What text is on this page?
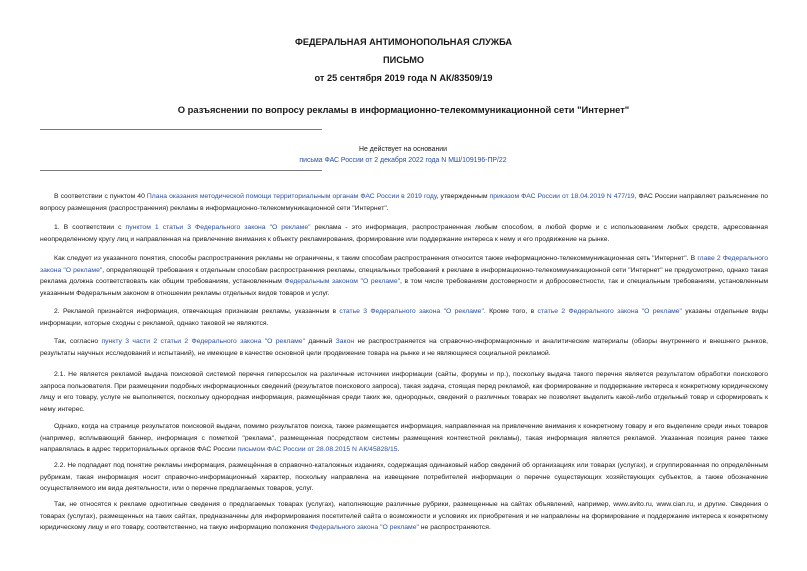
ФЕДЕРАЛЬНАЯ АНТИМОНОПОЛЬНАЯ СЛУЖБА
ПИСЬМО
от 25 сентября 2019 года N АК/83509/19
О разъяснении по вопросу рекламы в информационно-телекоммуникационной сети "Интернет"
Не действует на основании
письма ФАС России от 2 декабря 2022 года N МШ/109196-ПР/22

В соответствии с пунктом 40 Плана оказания методической помощи территориальным органам ФАС России в 2019 году, утвержденным приказом ФАС России от 18.04.2019 N 477/19, ФАС России направляет разъяснение по вопросу размещения (распространения) рекламы в информационно-телекоммуникационной сети "Интернет".

1. В соответствии с пунктом 1 статьи 3 Федерального закона "О рекламе" реклама - это информация, распространенная любым способом, в любой форме и с использованием любых средств, адресованная неопределенному кругу лиц и направленная на привлечение внимания к объекту рекламирования, формирование или поддержание интереса к нему и его продвижение на рынке.

Как следует из указанного понятия, способы распространения рекламы не ограничены, к таким способам распространения относится также информационно-телекоммуникационная сеть "Интернет". В главе 2 Федерального закона "О рекламе", определяющей требования к отдельным способам распространения рекламы, специальных требований к рекламе в информационно-телекоммуникационной сети "Интернет" не предусмотрено, однако такая реклама должна соответствовать как общим требованиям, установленным Федеральным законом "О рекламе", в том числе требованиям достоверности и добросовестности, так и специальным требованиям, установленным указанным Федеральным законом в отношении рекламы отдельных видов товаров и услуг.

2. Рекламой признаётся информация, отвечающая признакам рекламы, указанным в статье 3 Федерального закона "О рекламе". Кроме того, в статье 2 Федерального закона "О рекламе" указаны отдельные виды информации, которые сходны с рекламой, однако таковой не являются.

Так, согласно пункту 3 части 2 статьи 2 Федерального закона "О рекламе" данный Закон не распространяется на справочно-информационные и аналитические материалы (обзоры внутреннего и внешнего рынков, результаты научных исследований и испытаний), не имеющие в качестве основной цели продвижение товара на рынке и не являющиеся социальной рекламой.

2.1. Не является рекламой выдача поисковой системой перечня гиперссылок на различные источники информации (сайты, форумы и пр.), поскольку выдача такого перечня является результатом обработки поискового запроса пользователя. При размещении подобных информационных сведений (результатов поискового запроса), такая задача, стоящая перед рекламой, как формирование и поддержание интереса к конкретному юридическому лицу и его товару, услуге не выполняется, поскольку однородная информация, размещённая среди таких же, однородных, сведений о различных товарах не позволяет выделить какой-либо отдельный товар и сформировать к нему интерес.

Однако, когда на странице результатов поисковой выдачи, помимо результатов поиска, также размещается информация, направленная на привлечение внимания к конкретному товару и его выделение среди иных товаров (например, всплывающий баннер, информация с пометкой "реклама", размещенная посредством системы размещения контекстной рекламы), такая информация является рекламой. Указанная позиция ранее также направлялась в адрес территориальных органов ФАС России письмом ФАС России от 28.08.2015 N АК/45828/15.

2.2. Не подпадает под понятие рекламы информация, размещённая в справочно-каталожных изданиях, содержащая одинаковый набор сведений об организациях или товарах (услугах), и сгруппированная по определённым рубрикам, такая информация носит справочно-информационный характер, поскольку направлена на извещение потребителей информации о перечне существующих хозяйствующих субъектов, а также обозначение осуществляемого им вида деятельности, или о перечне предлагаемых товаров, услуг.

Так, не относятся к рекламе однотипные сведения о предлагаемых товарах (услугах), наполняющие различные рубрики, размещенные на сайтах объявлений, например, www.avito.ru, www.cian.ru, и другие. Сведения о товарах (услугах), размещенных на таких сайтах, предназначены для информирования посетителей сайта о возможности и условиях их приобретения и не направлены на формирование и поддержание интереса к конкретному юридическому лицу и его товару, соответственно, на такую информацию положения Федерального закона "О рекламе" не распространяются.
